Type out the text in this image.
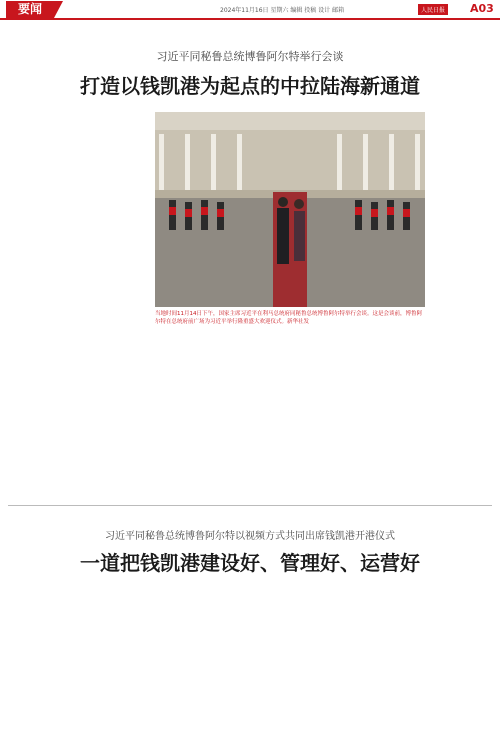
要闻	2024年11月16日 星期六 编辑 投稿 设计 邮箱	人民日报 A03
习近平同秘鲁总统博鲁阿尔特举行会谈
打造以钱凯港为起点的中拉陆海新通道
当地时间11月14日下午，国家主席习近平在利马总统府同秘鲁总统博鲁阿尔特举行会谈。这是会谈前，博鲁阿尔特在总统府前广场为习近平举行隆重盛大欢迎仪式。新华社发
习近平同秘鲁总统博鲁阿尔特以视频方式共同出席钱凯港开港仪式
一道把钱凯港建设好、管理好、运营好
